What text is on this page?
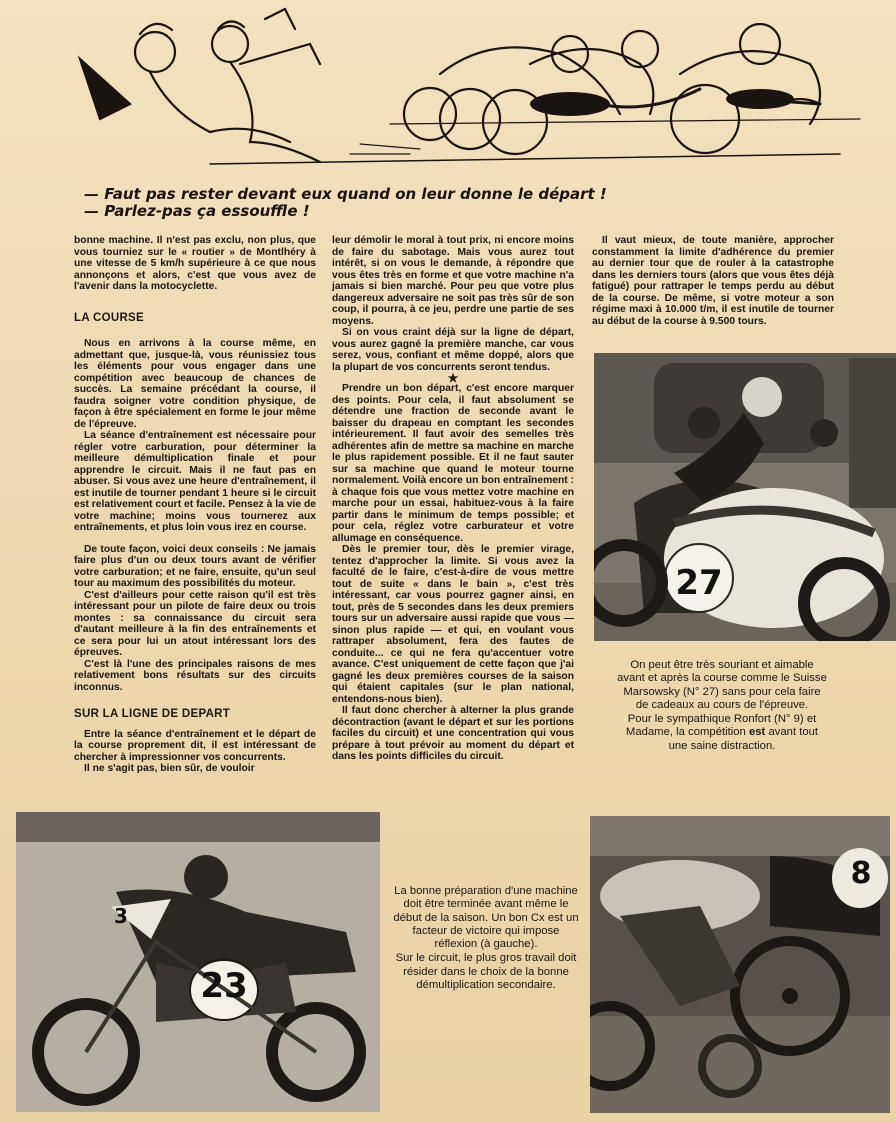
— Faut pas rester devant eux quand on leur donne le départ !
— Parlez-pas ça essouffle !

bonne machine. Il n'est pas exclu, non plus, que vous tourniez sur le « routier » de Montlhéry à une vitesse de 5 km/h supérieure à ce que nous annonçons et alors, c'est que vous avez de l'avenir dans la motocyclette.

LA COURSE

Nous en arrivons à la course même, en admettant que, jusque-là, vous réunissiez tous les éléments pour vous engager dans une compétition avec beaucoup de chances de succès. La semaine précédant la course, il faudra soigner votre condition physique, de façon à être spécialement en forme le jour même de l'épreuve.

La séance d'entraînement est nécessaire pour régler votre carburation, pour déterminer la meilleure démultiplication finale et pour apprendre le circuit. Mais il ne faut pas en abuser. Si vous avez une heure d'entraînement, il est inutile de tourner pendant 1 heure si le circuit est relativement court et facile. Pensez à la vie de votre machine; moins vous tournerez aux entraînements, et plus loin vous irez en course.

De toute façon, voici deux conseils : Ne jamais faire plus d'un ou deux tours avant de vérifier votre carburation; et ne faire, ensuite, qu'un seul tour au maximum des possibilités du moteur.

C'est d'ailleurs pour cette raison qu'il est très intéressant pour un pilote de faire deux ou trois montes : sa connaissance du circuit sera d'autant meilleure à la fin des entraînements et ce sera pour lui un atout intéressant lors des épreuves.

C'est là l'une des principales raisons de mes relativement bons résultats sur des circuits inconnus.

SUR LA LIGNE DE DEPART

Entre la séance d'entraînement et le départ de la course proprement dit, il est intéressant de chercher à impressionner vos concurrents.

Il ne s'agit pas, bien sûr, de vouloir

leur démolir le moral à tout prix, ni encore moins de faire du sabotage. Mais vous aurez tout intérêt, si on vous le demande, à répondre que vous êtes très en forme et que votre machine n'a jamais si bien marché. Pour peu que votre plus dangereux adversaire ne soit pas très sûr de son coup, il pourra, à ce jeu, perdre une partie de ses moyens.

Si on vous craint déjà sur la ligne de départ, vous aurez gagné la première manche, car vous serez, vous, confiant et même doppé, alors que la plupart de vos concurrents seront tendus.

★

Prendre un bon départ, c'est encore marquer des points. Pour cela, il faut absolument se détendre une fraction de seconde avant le baisser du drapeau en comptant les secondes intérieurement. Il faut avoir des semelles très adhérentes afin de mettre sa machine en marche le plus rapidement possible. Et il ne faut sauter sur sa machine que quand le moteur tourne normalement. Voilà encore un bon entraînement : à chaque fois que vous mettez votre machine en marche pour un essai, habituez-vous à la faire partir dans le minimum de temps possible; et pour cela, réglez votre carburateur et votre allumage en conséquence.

Dès le premier tour, dès le premier virage, tentez d'approcher la limite. Si vous avez la faculté de le faire, c'est-à-dire de vous mettre tout de suite « dans le bain », c'est très intéressant, car vous pourrez gagner ainsi, en tout, près de 5 secondes dans les deux premiers tours sur un adversaire aussi rapide que vous — sinon plus rapide — et qui, en voulant vous rattraper absolument, fera des fautes de conduite... ce qui ne fera qu'accentuer votre avance. C'est uniquement de cette façon que j'ai gagné les deux premières courses de la saison qui étaient capitales (sur le plan national, entendons-nous bien).

Il faut donc chercher à alterner la plus grande décontraction (avant le départ et sur les portions faciles du circuit) et une concentration qui vous prépare à tout prévoir au moment du départ et dans les points difficiles du circuit.

Il vaut mieux, de toute manière, approcher constamment la limite d'adhérence du premier au dernier tour que de rouler à la catastrophe dans les derniers tours (alors que vous êtes déjà fatigué) pour rattraper le temps perdu au début de la course. De même, si votre moteur a son régime maxi à 10.000 t/m, il est inutile de tourner au début de la course à 9.500 tours.

27

On peut être très souriant et aimable avant et après la course comme le Suisse Marsowsky (N° 27) sans pour cela faire de cadeaux au cours de l'épreuve.

Pour le sympathique Ronfort (N° 9) et Madame, la compétition est avant tout une saine distraction.

23
3

La bonne préparation d'une machine doit être terminée avant même le début de la saison. Un bon Cx est un facteur de victoire qui impose réflexion (à gauche).

Sur le circuit, le plus gros travail doit résider dans le choix de la bonne démultiplication secondaire.

8
